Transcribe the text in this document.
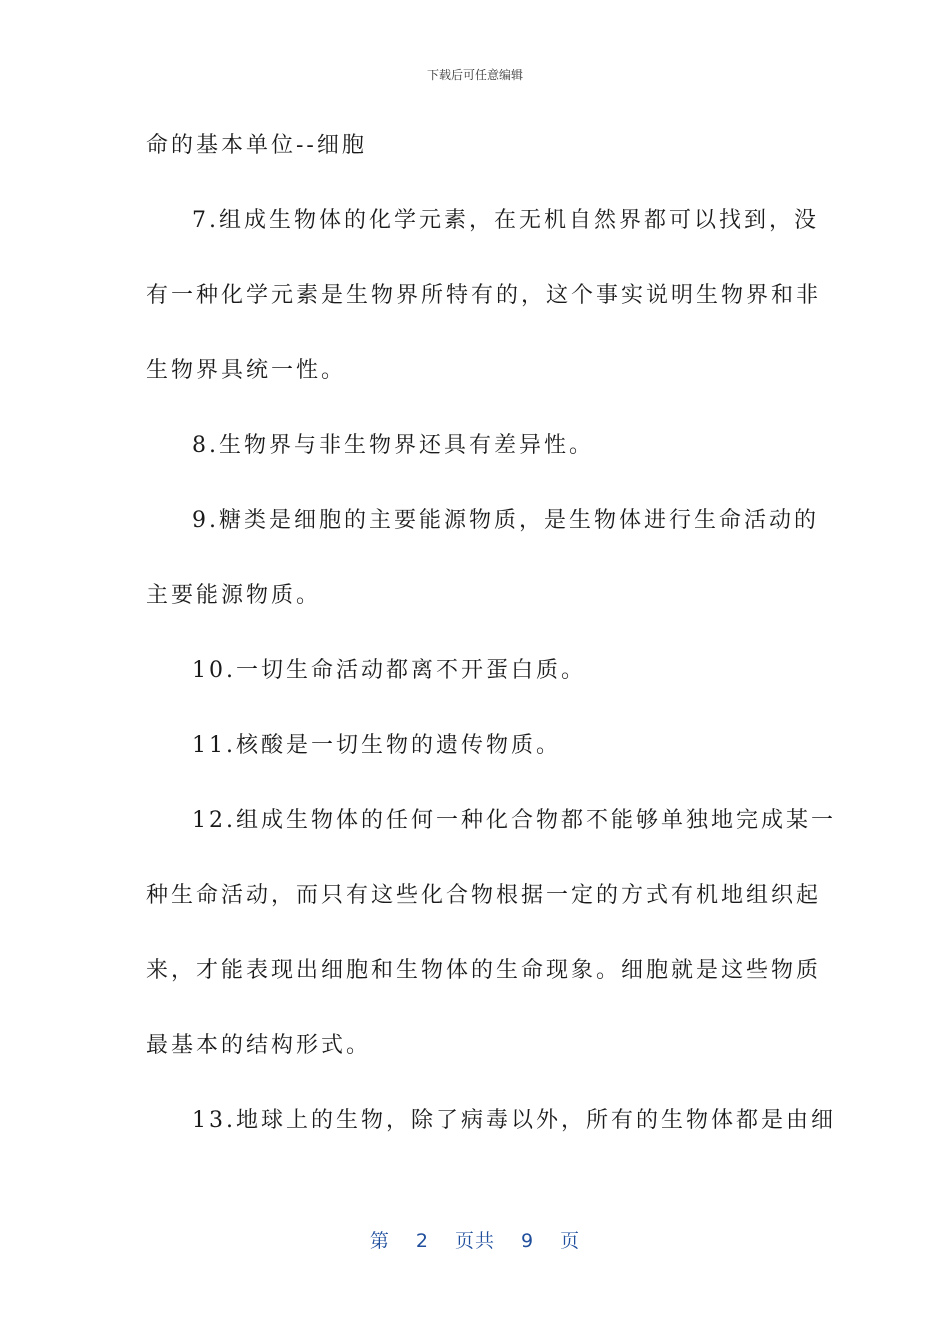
下载后可任意编辑
命的基本单位--细胞
7.组成生物体的化学元素，在无机自然界都可以找到，没
有一种化学元素是生物界所特有的，这个事实说明生物界和非
生物界具统一性。
8.生物界与非生物界还具有差异性。
9.糖类是细胞的主要能源物质，是生物体进行生命活动的
主要能源物质。
10.一切生命活动都离不开蛋白质。
11.核酸是一切生物的遗传物质。
12.组成生物体的任何一种化合物都不能够单独地完成某一
种生命活动，而只有这些化合物根据一定的方式有机地组织起
来，才能表现出细胞和生物体的生命现象。细胞就是这些物质
最基本的结构形式。
13.地球上的生物，除了病毒以外，所有的生物体都是由细
第 2 页共 9 页
